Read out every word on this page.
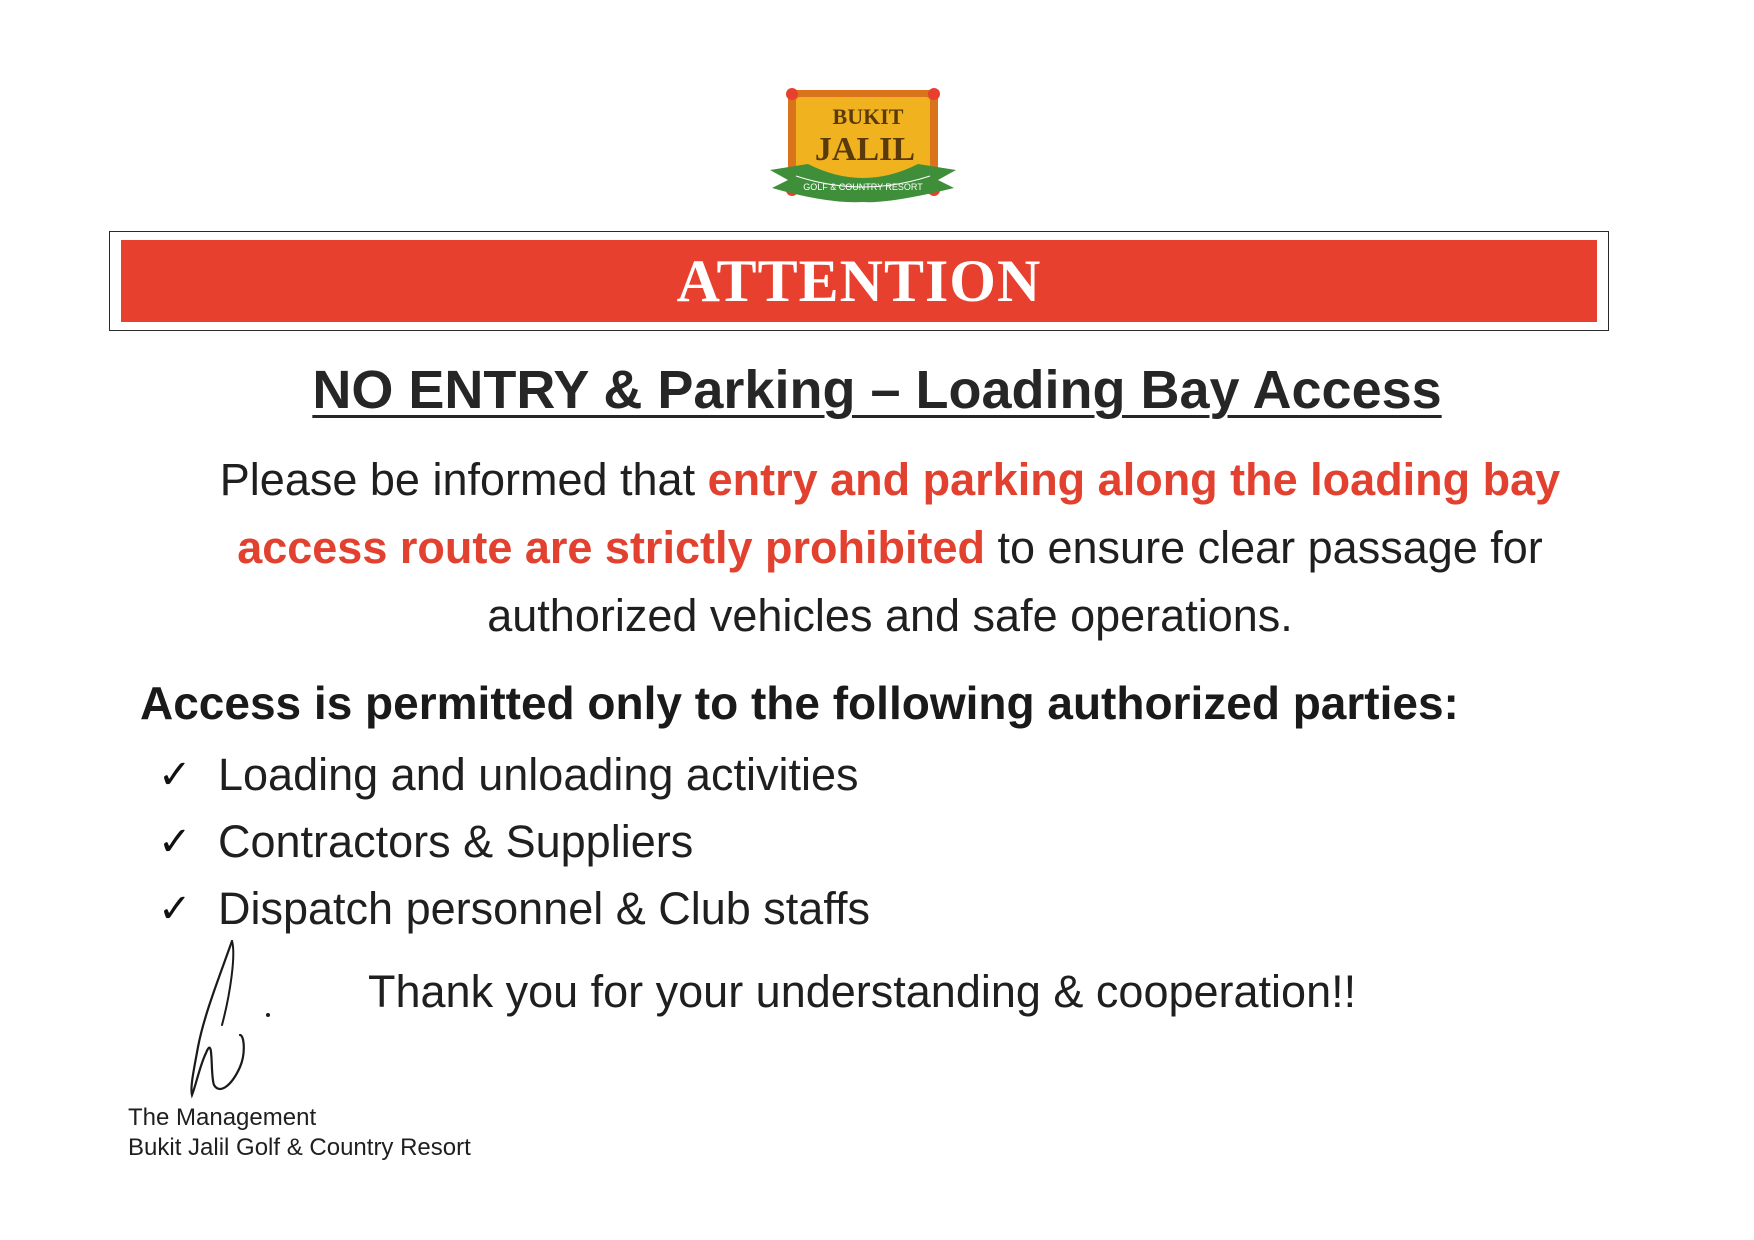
BUKIT
JALIL
GOLF & COUNTRY RESORT
ATTENTION
NO ENTRY & Parking – Loading Bay Access
Please be informed that entry and parking along the loading bay access route are strictly prohibited to ensure clear passage for authorized vehicles and safe operations.
Access is permitted only to the following authorized parties:
✓ Loading and unloading activities
✓ Contractors & Suppliers
✓ Dispatch personnel & Club staffs
Thank you for your understanding & cooperation!!
The Management
Bukit Jalil Golf & Country Resort
